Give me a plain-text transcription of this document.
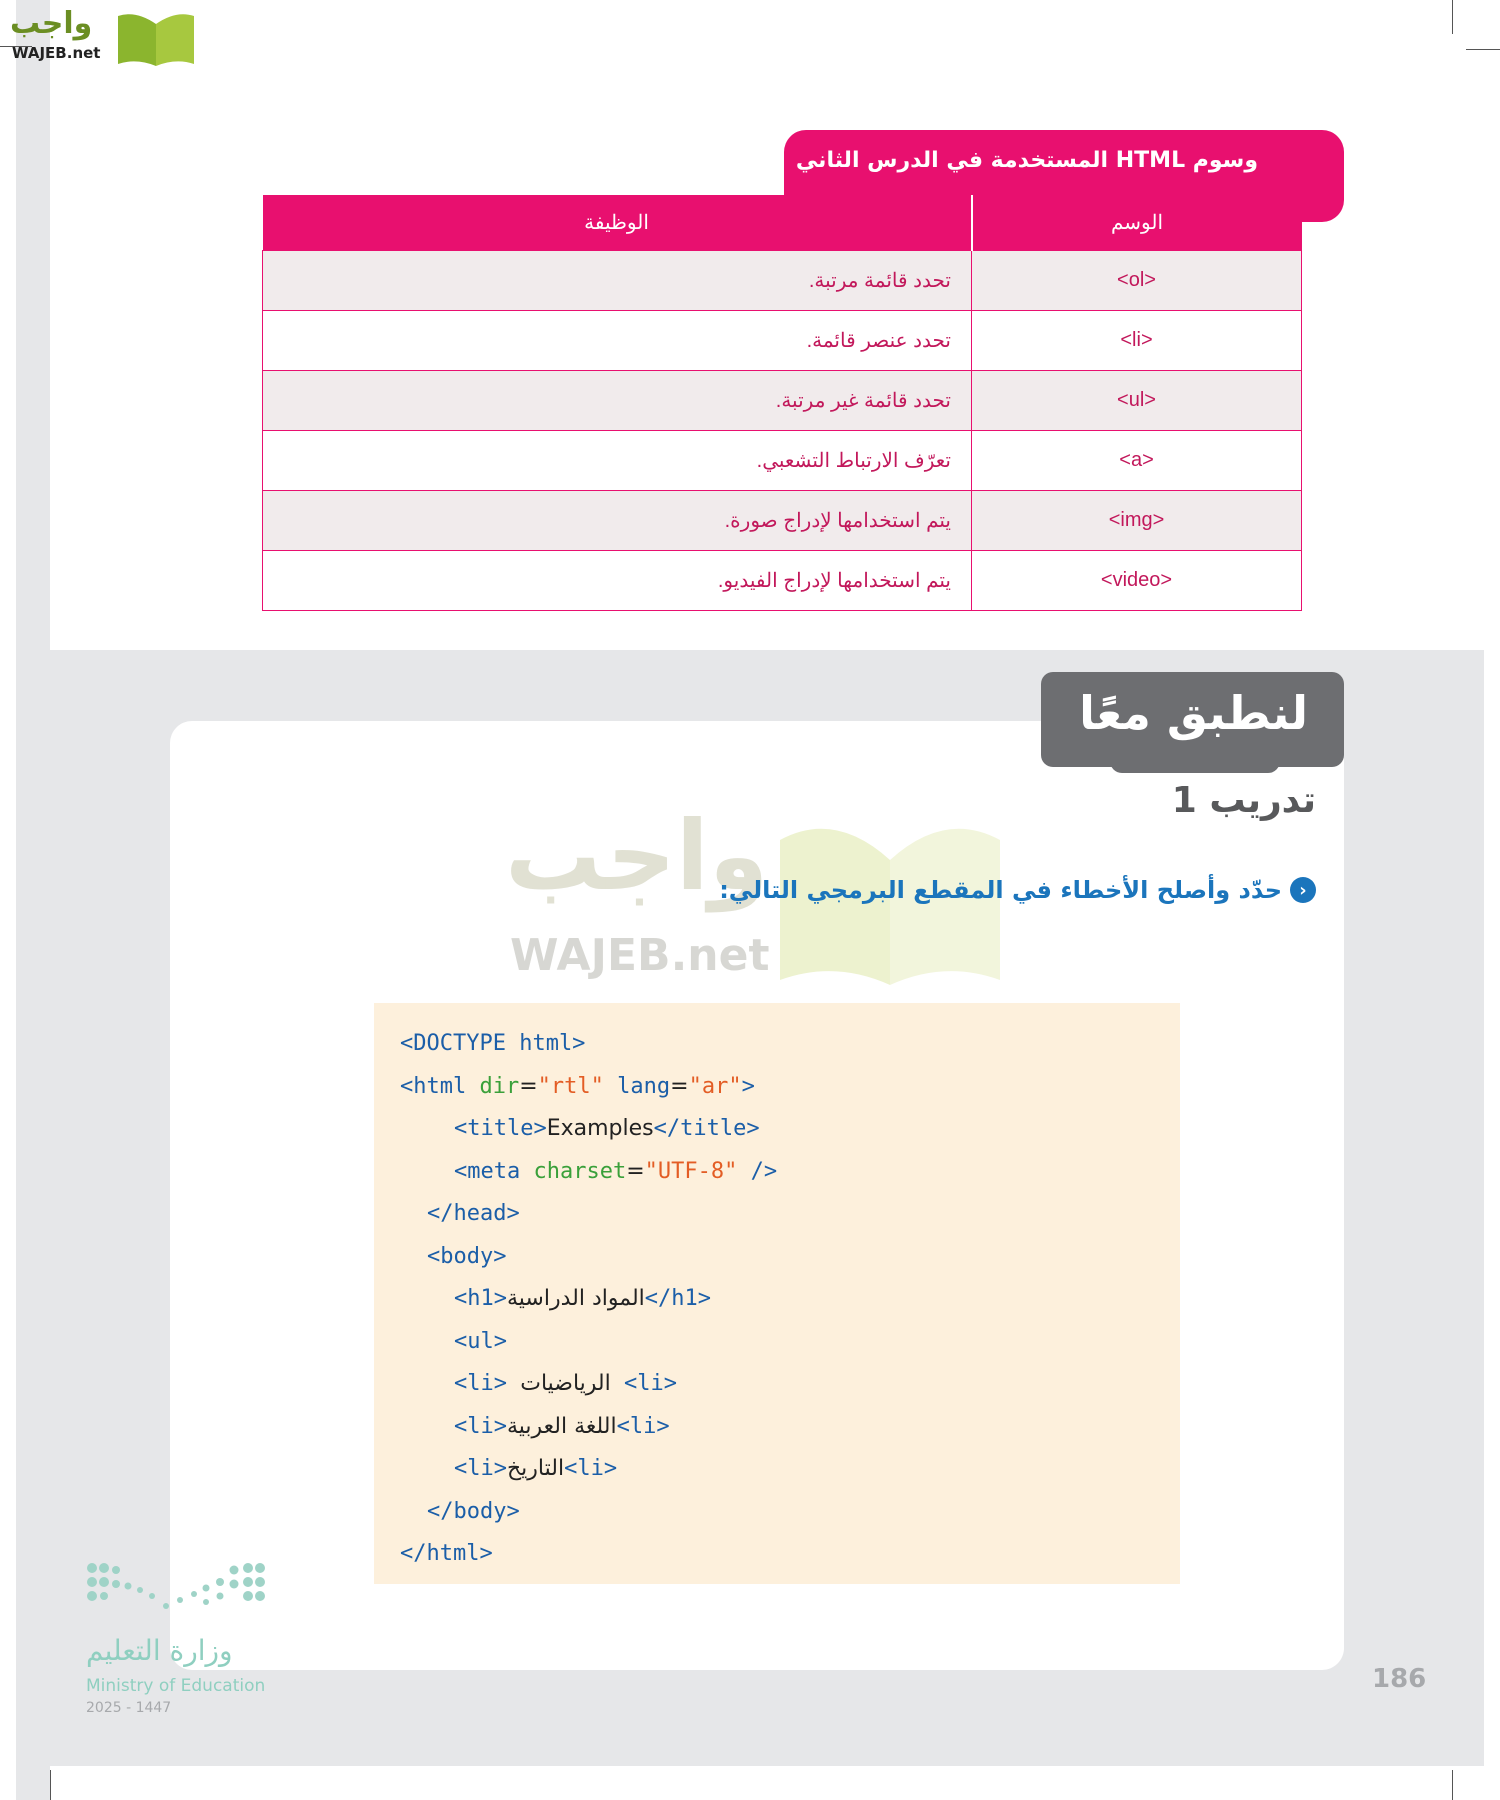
واجب
WAJEB.net
وسوم HTML المستخدمة في الدرس الثاني
الوسم	الوظيفة
<ol>	تحدد قائمة مرتبة.
<li>	تحدد عنصر قائمة.
<ul>	تحدد قائمة غير مرتبة.
<a>	تعرّف الارتباط التشعبي.
<img>	يتم استخدامها لإدراج صورة.
<video>	يتم استخدامها لإدراج الفيديو.
لنطبق معًا
تدريب 1
واجب
WAJEB.net
‹
حدّد وأصلح الأخطاء في المقطع البرمجي التالي:
<DOCTYPE html>
<html dir="rtl" lang="ar">
<title>Examples</title>
<meta charset="UTF-8" />
</head>
<body>
<h1>المواد الدراسية</h1>
<ul>
<li> الرياضيات <li>
<li>اللغة العربية<li>
<li>التاريخ<li>
</body>
</html>
وزارة التعليم
Ministry of Education
2025 - 1447
186
